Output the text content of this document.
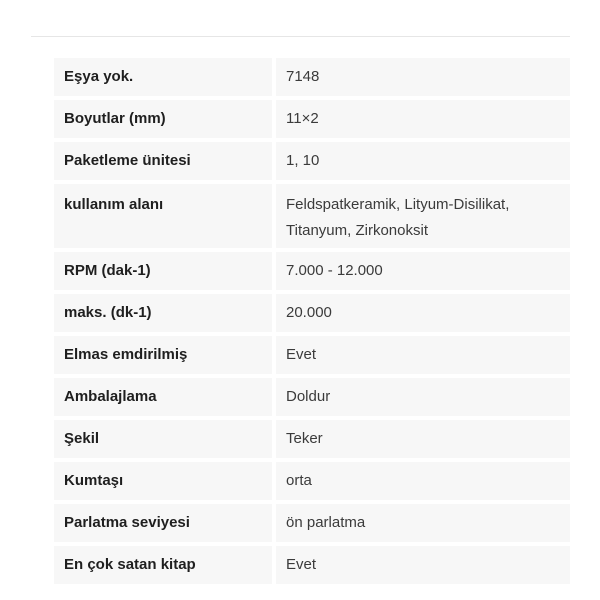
Eşya yok.	7148
Boyutlar (mm)	11×2
Paketleme ünitesi	1, 10
kullanım alanı	Feldspatkeramik, Lityum-Disilikat,
Titanyum, Zirkonoksit
RPM (dak-1)	7.000 - 12.000
maks. (dk-1)	20.000
Elmas emdirilmiş	Evet
Ambalajlama	Doldur
Şekil	Teker
Kumtaşı	orta
Parlatma seviyesi	ön parlatma
En çok satan kitap	Evet
